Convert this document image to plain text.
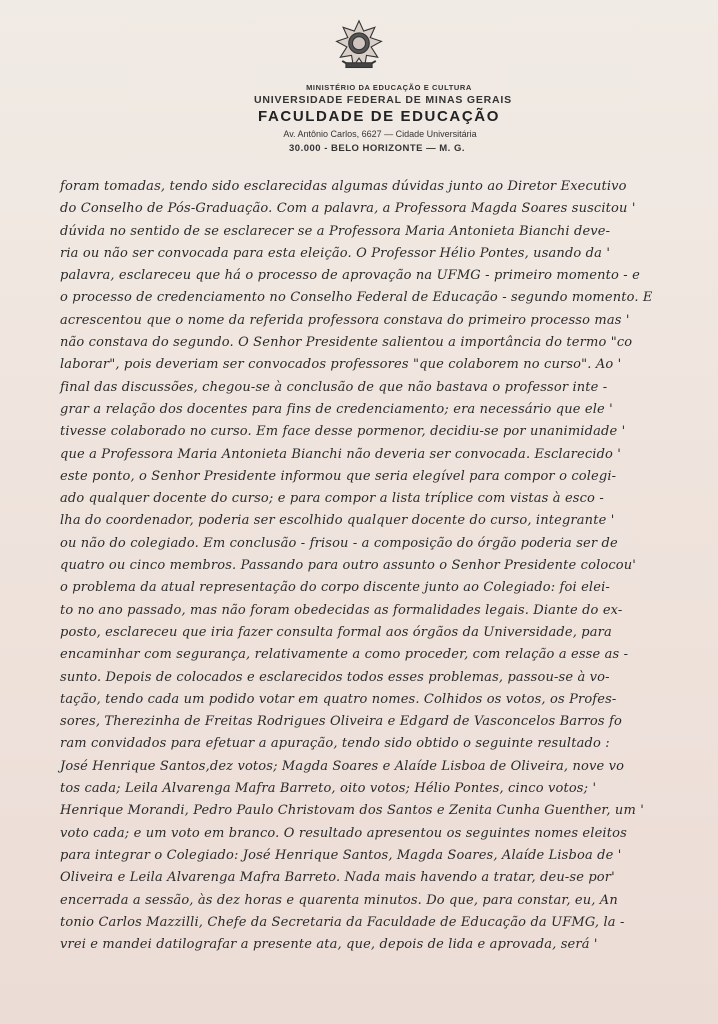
MINISTÉRIO DA EDUCAÇÃO E CULTURA
UNIVERSIDADE FEDERAL DE MINAS GERAIS
FACULDADE DE EDUCAÇÃO
Av. Antônio Carlos, 6627 — Cidade Universitária
30.000 - BELO HORIZONTE — M. G.
foram tomadas, tendo sido esclarecidas algumas dúvidas junto ao Diretor Executivo
do Conselho de Pós-Graduação. Com a palavra, a Professora Magda Soares suscitou '
dúvida no sentido de se esclarecer se a Professora Maria Antonieta Bianchi deve-
ria ou não ser convocada para esta eleição. O Professor Hélio Pontes, usando da '
palavra, esclareceu que há o processo de aprovação na UFMG - primeiro momento - e
o processo de credenciamento no Conselho Federal de Educação - segundo momento. E
acrescentou que o nome da referida professora constava do primeiro processo mas '
não constava do segundo. O Senhor Presidente salientou a importância do termo "co
laborar", pois deveriam ser convocados professores "que colaborem no curso". Ao '
final das discussões, chegou-se à conclusão de que não bastava o professor inte -
grar a relação dos docentes para fins de credenciamento; era necessário que ele '
tivesse colaborado no curso. Em face desse pormenor, decidiu-se por unanimidade '
que a Professora Maria Antonieta Bianchi não deveria ser convocada. Esclarecido '
este ponto, o Senhor Presidente informou que seria elegível para compor o colegi-
ado qualquer docente do curso; e para compor a lista tríplice com vistas à esco -
lha do coordenador, poderia ser escolhido qualquer docente do curso, integrante '
ou não do colegiado. Em conclusão - frisou - a composição do órgão poderia ser de
quatro ou cinco membros. Passando para outro assunto o Senhor Presidente colocou'
o problema da atual representação do corpo discente junto ao Colegiado: foi elei-
to no ano passado, mas não foram obedecidas as formalidades legais. Diante do ex-
posto, esclareceu que iria fazer consulta formal aos órgãos da Universidade, para
encaminhar com segurança, relativamente a como proceder, com relação a esse as -
sunto. Depois de colocados e esclarecidos todos esses problemas, passou-se à vo-
tação, tendo cada um podido votar em quatro nomes. Colhidos os votos, os Profes-
sores, Therezinha de Freitas Rodrigues Oliveira e Edgard de Vasconcelos Barros fo
ram convidados para efetuar a apuração, tendo sido obtido o seguinte resultado :
José Henrique Santos,dez votos; Magda Soares e Alaíde Lisboa de Oliveira, nove vo
tos cada; Leila Alvarenga Mafra Barreto, oito votos; Hélio Pontes, cinco votos; '
Henrique Morandi, Pedro Paulo Christovam dos Santos e Zenita Cunha Guenther, um '
voto cada; e um voto em branco. O resultado apresentou os seguintes nomes eleitos
para integrar o Colegiado: José Henrique Santos, Magda Soares, Alaíde Lisboa de '
Oliveira e Leila Alvarenga Mafra Barreto. Nada mais havendo a tratar, deu-se por'
encerrada a sessão, às dez horas e quarenta minutos. Do que, para constar, eu, An
tonio Carlos Mazzilli, Chefe da Secretaria da Faculdade de Educação da UFMG, la -
vrei e mandei datilografar a presente ata, que, depois de lida e aprovada, será '
